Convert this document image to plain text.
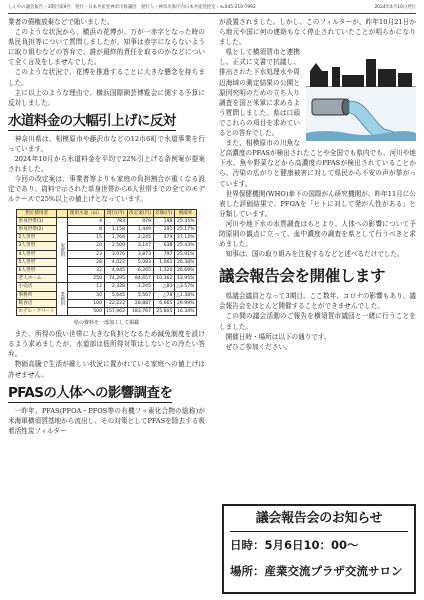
しんやの議会報告・3期目第9号　発行・日本共産党神奈川県議団　発行人・神奈川県庁内日本共産党控室・℡045-210-7992	2024年4月10日発行

業者の債権放棄などで賄いました。

このような状況から、横浜の花博が、万が一赤字となった時の県民負担等について質問しましたが、知事は赤字にならないように取り組むなどの答弁で、誰が最終的責任を取るのかなどについて全く言及をしませんでした。

このような状況で、花博を推進することに大きな懸念を持ちました。

主に以上のような理由で、横浜国際園芸博覧会に関する予算に反対しました。

水道料金の大幅引上げに反対

神奈川県は、相模原市や藤沢市などの12市6町で水道事業を行っています。

2024年10月から水道料金を平均で22%引上げる条例案が提案されました。

今回の改定案は、事業者等よりも家庭の負担割合が重くなる設定であり、資料で示された単身世帯から6人世帯までの全てのモデルケースで25%以上の値上げとなっています。

想定使用者		使用水量（㎥）	現行(円)	改定案(円)	差額(円)	増減率
単身世帯(1)	家庭用	4	783	979	198	25.35%
単身世帯(2)		8	1,158	1,449	291	25.17%
2人世帯		15	1,766	2,245	479	27.12%
3人世帯		20	2,509	3,147	638	25.43%
4人世帯		23	3,076	3,873	797	25.91%
5人世帯		28	4,022	5,083	1,061	26.38%
6人世帯		32	4,945	6,265	1,320	26.69%
老人ホーム		250	74,295	84,657	10,362	13.95%
小売店	業務用	12	2,328	2,245	△83	△3.57%
事務所		30	5,645	5,567	△78	△1.38%
飲食店		100	22,222	28,887	6,665	29.99%
ホテル・アパート		500	157,962	183,767	25,805	16.34%
県の資料を一部加工して掲載

また、所得の低い世帯に大きな負担となるため減免制度を設けるよう求めましたが、水道部は低所得対策はしないとの冷たい答弁。

物価高騰で生活が厳しい状況に置かれている家庭への値上げは許せません。

PFASの人体への影響調査を

一昨年、PFAS(PFOA・PFOS等の有機フッ素化合物の総称)が米海軍横須賀基地から流出し、その対策としてPFASを除去する吸着活性炭フィルター

が設置されました。しかし、このフィルターが、昨年10月21日から地元や国に何の連絡もなく停止されていたことが明らかになりました。

県として横須賀市と連携し、正式に文書で抗議し、排出された下水処理水や周辺海域の測定結果の公開と原因究明のための立ち入り調査を国と米軍に求めるよう質問しました。県は口頭でこれらの項目を求めているとの答弁でした。

また、相模原市の川魚など高濃度のPFASが検出されたことや全国でも県内でも、河川や地下水、魚や野菜などから高濃度のPFASが検出されていることから、汚染の広がりと健康被害に対して県民から不安の声が挙がっています。

世界保健機関(WHO)傘下の国際がん研究機関が、昨年11月に公表した評価結果で、PFOAを「ヒトに対して発がん性がある」と分類しています。

河川や地下水の水質調査はもとより、人体への影響について予防原則の観点に立って、血中濃度の調査を県として行うべきと求めました。

知事は、国の取り組みを注視するなどと述べるだけでした。

議会報告会を開催します

県議会議員となって3期目。ここ数年、コロナの影響もあり、議会報告会をほとんど開催することができませんでした。

この間の議会活動のご報告を横須賀市議団と一緒に行うことをしました。

開催日時・場所は以下の通りです。

ぜひご参加ください。

議会報告会のお知らせ
日時：5月6日10：00～
場所：産業交流プラザ交流サロン
